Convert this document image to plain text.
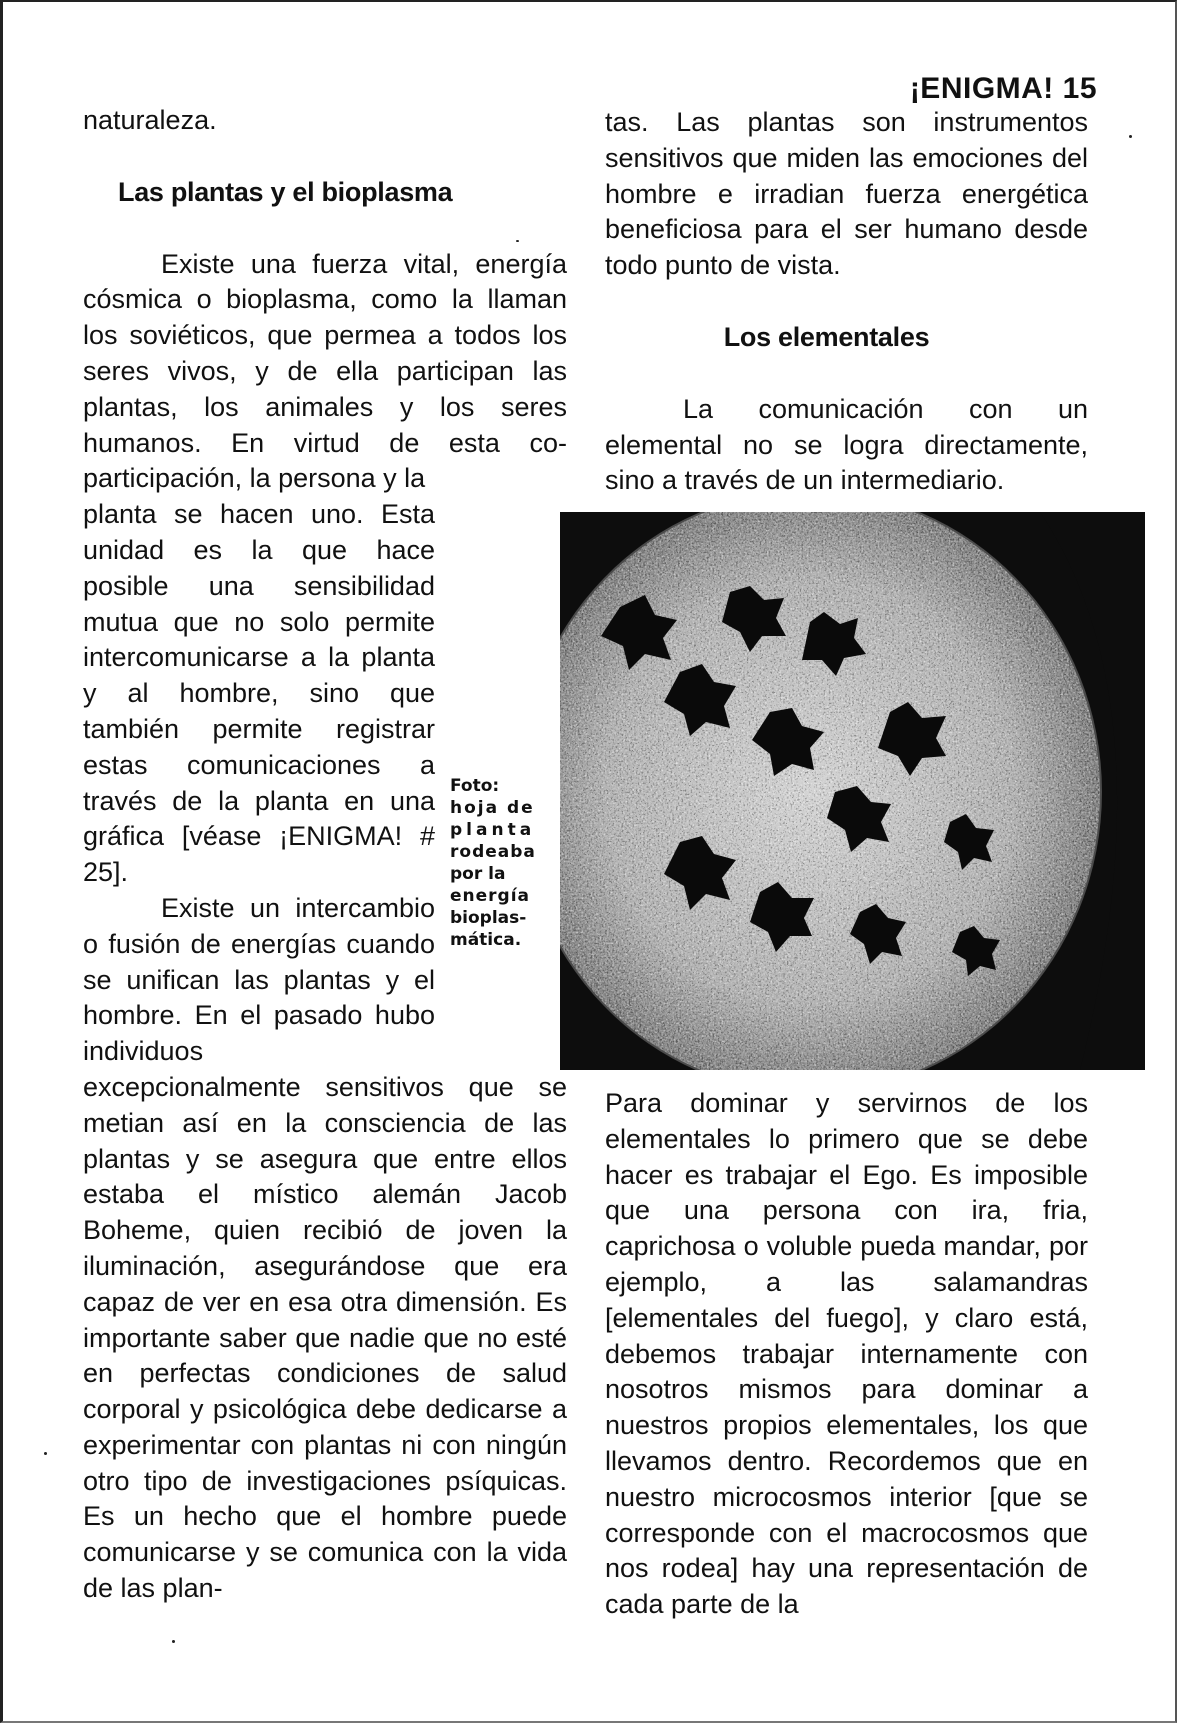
¡ENIGMA! 15

naturaleza.

Las plantas y el bioplasma

Existe una fuerza vital, energía cósmica o bioplasma, como la llaman los soviéticos, que permea a todos los seres vivos, y de ella participan las plantas, los animales y los seres humanos. En virtud de esta co-participación, la persona y la

planta se hacen uno. Esta unidad es la que hace posible una sensibilidad mutua que no solo permite intercomunicarse a la planta y al hombre, sino que también permite registrar estas comunicaciones a través de la planta en una gráfica [véase ¡ENIGMA! # 25].

Existe un intercambio o fusión de energías cuando se unifican las plantas y el hombre. En el pasado hubo individuos

excepcionalmente sensitivos que se metian así en la consciencia de las plantas y se asegura que entre ellos estaba el místico alemán Jacob Boheme, quien recibió de joven la iluminación, asegurándose que era capaz de ver en esa otra dimensión. Es importante saber que nadie que no esté en perfectas condiciones de salud corporal y psicológica debe dedicarse a experimentar con plantas ni con ningún otro tipo de investigaciones psíquicas. Es un hecho que el hombre puede comunicarse y se comunica con la vida de las plan-

Foto:
hoja de
planta
rodeaba
por la
energía
bioplas-
mática.

tas. Las plantas son instrumentos sensitivos que miden las emociones del hombre e irradian fuerza energética beneficiosa para el ser humano desde todo punto de vista.

Los elementales

La comunicación con un elemental no se logra directamente, sino a través de un intermediario.

Para dominar y servirnos de los elementales lo primero que se debe hacer es trabajar el Ego. Es imposible que una persona con ira, fria, caprichosa o voluble pueda mandar, por ejemplo, a las salamandras [elementales del fuego], y claro está, debemos trabajar internamente con nosotros mismos para dominar a nuestros propios elementales, los que llevamos dentro. Recordemos que en nuestro microcosmos interior [que se corresponde con el macrocosmos que nos rodea] hay una representación de cada parte de la
